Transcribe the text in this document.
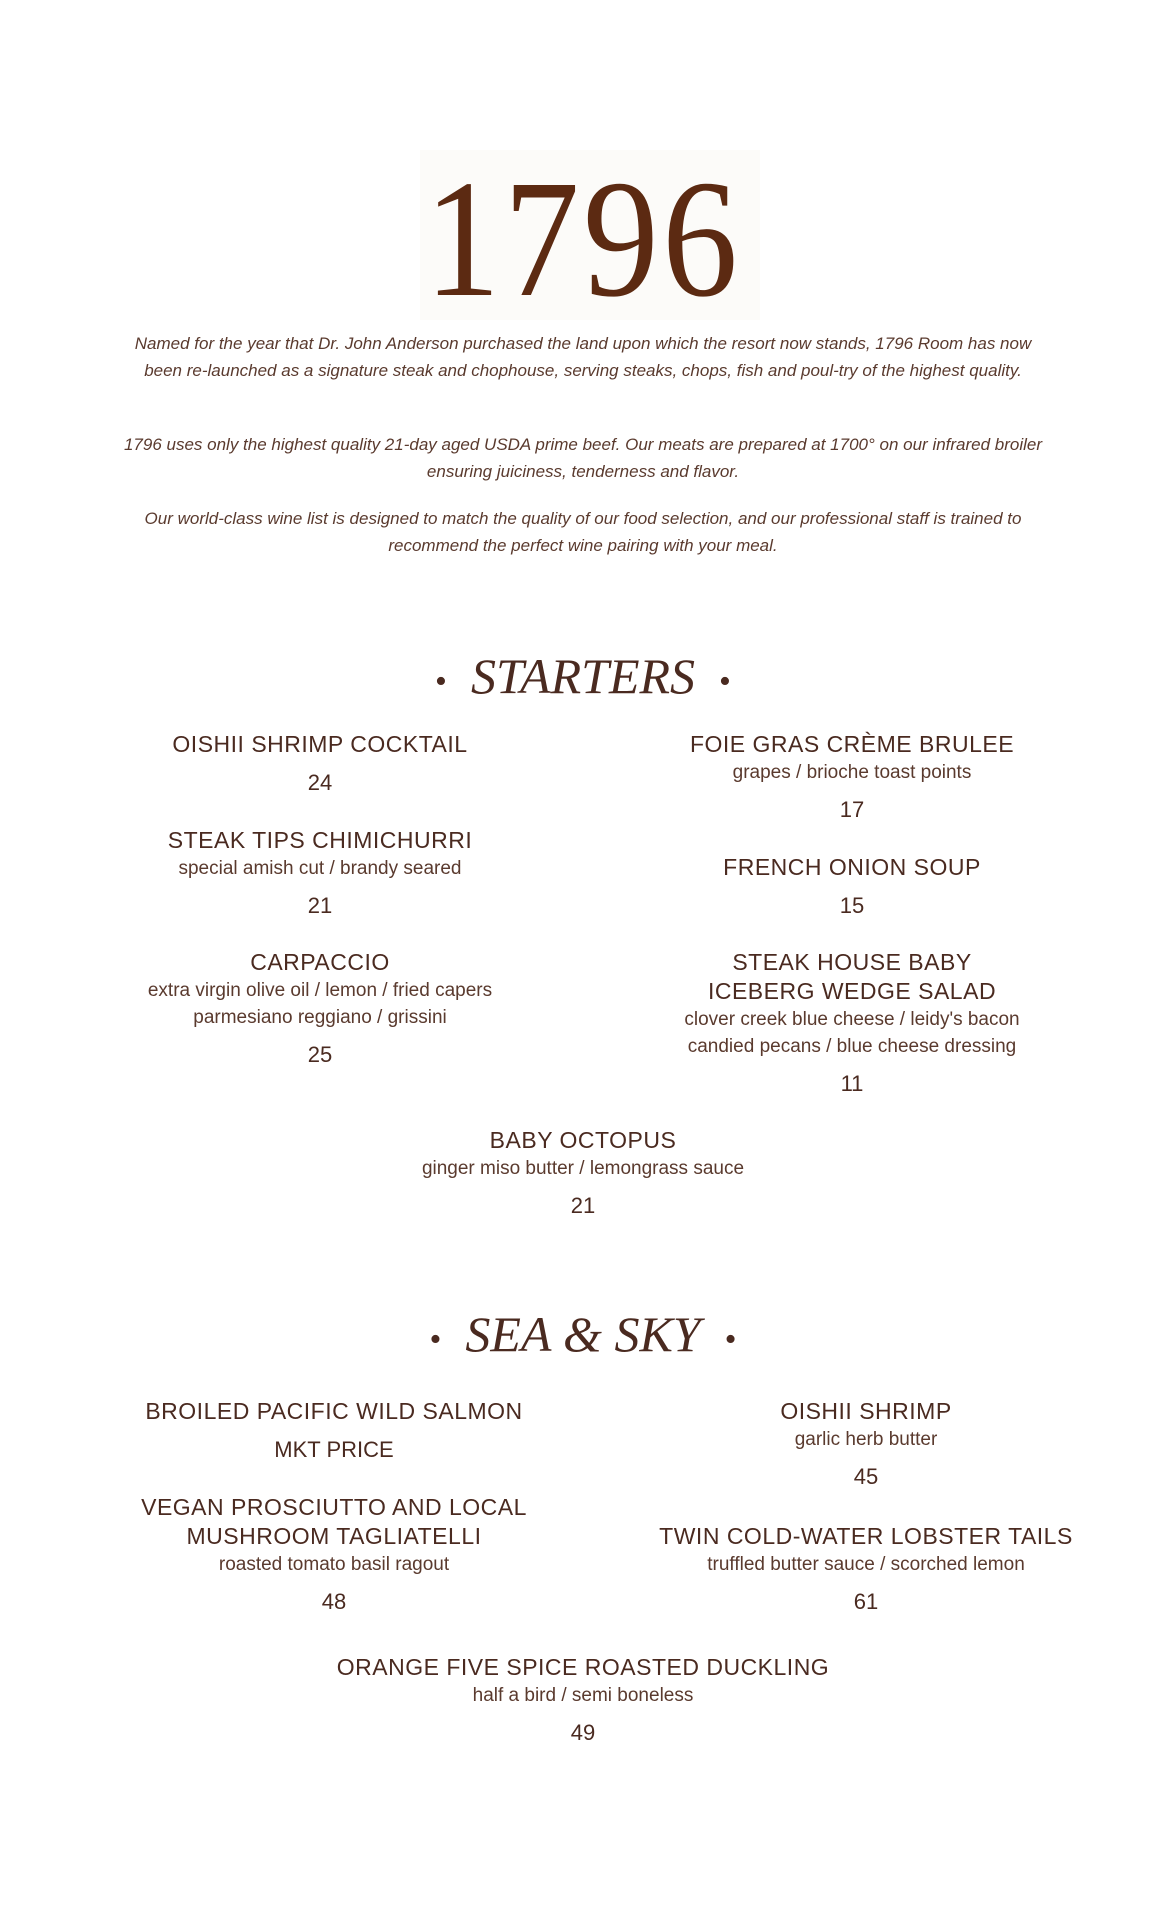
1796

Named for the year that Dr. John Anderson purchased the land upon which the resort now stands, 1796 Room has now been re-launched as a signature steak and chophouse, serving steaks, chops, fish and poul-try of the highest quality.

1796 uses only the highest quality 21-day aged USDA prime beef. Our meats are prepared at 1700° on our infrared broiler ensuring juiciness, tenderness and flavor.

Our world-class wine list is designed to match the quality of our food selection, and our professional staff is trained to recommend the perfect wine pairing with your meal.

• STARTERS •
OISHII SHRIMP COCKTAIL
24
FOIE GRAS CRÈME BRULEE
grapes / brioche toast points
17
STEAK TIPS CHIMICHURRI
special amish cut / brandy seared
21
FRENCH ONION SOUP
15
CARPACCIO
extra virgin olive oil / lemon / fried capers
parmesiano reggiano / grissini
25
STEAK HOUSE BABY
ICEBERG WEDGE SALAD
clover creek blue cheese / leidy's bacon
candied pecans / blue cheese dressing
11
BABY OCTOPUS
ginger miso butter / lemongrass sauce
21
• SEA & SKY •
BROILED PACIFIC WILD SALMON
MKT PRICE
OISHII SHRIMP
garlic herb butter
45
VEGAN PROSCIUTTO AND LOCAL
MUSHROOM TAGLIATELLI
roasted tomato basil ragout
48
TWIN COLD-WATER LOBSTER TAILS
truffled butter sauce / scorched lemon
61
ORANGE FIVE SPICE ROASTED DUCKLING
half a bird / semi boneless
49
